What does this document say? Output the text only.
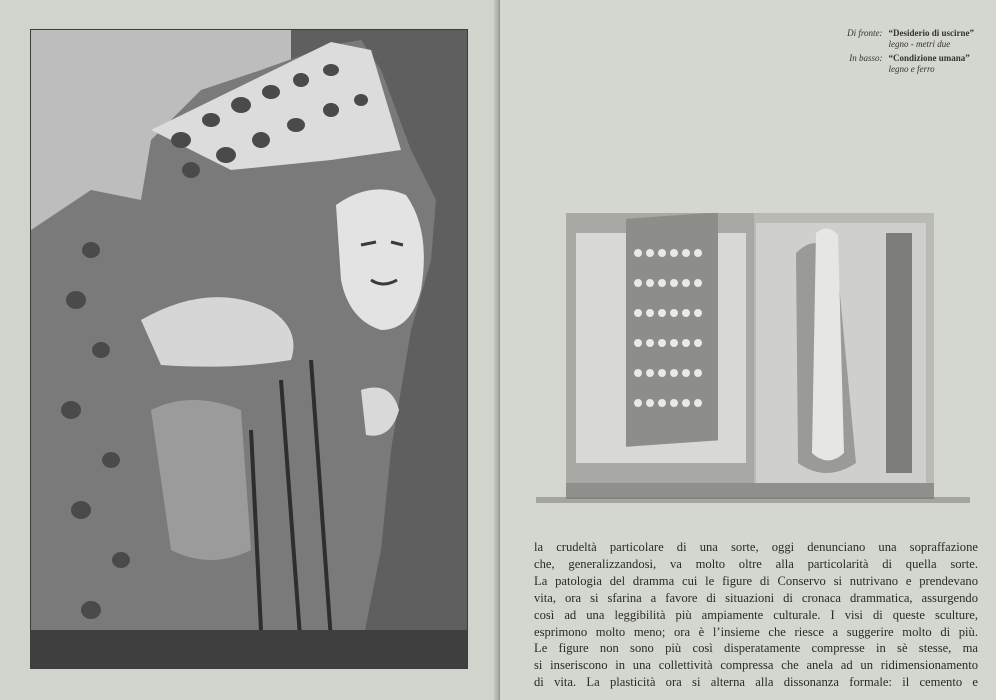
Di fronte: “Desiderio di uscirne”
legno - metri due
In basso: “Condizione umana”
legno e ferro
la crudeltà particolare di una sorte, oggi denunciano una sopraffazione
che, generalizzandosi, va molto oltre alla particolarità di quella sorte.
La patologia del dramma cui le figure di Conservo si nutrivano e prendevano
vita, ora si sfarina a favore di situazioni di cronaca drammatica, assurgendo
così ad una leggibilità più ampiamente culturale. I visi di queste sculture,
esprimono molto meno; ora è l’insieme che riesce a suggerire molto di più.
Le figure non sono più così disperatamente compresse in sè stesse, ma
si inseriscono in una collettività compressa che anela ad un ridimensionamento
di vita. La plasticità ora si alterna alla dissonanza formale: il cemento e
